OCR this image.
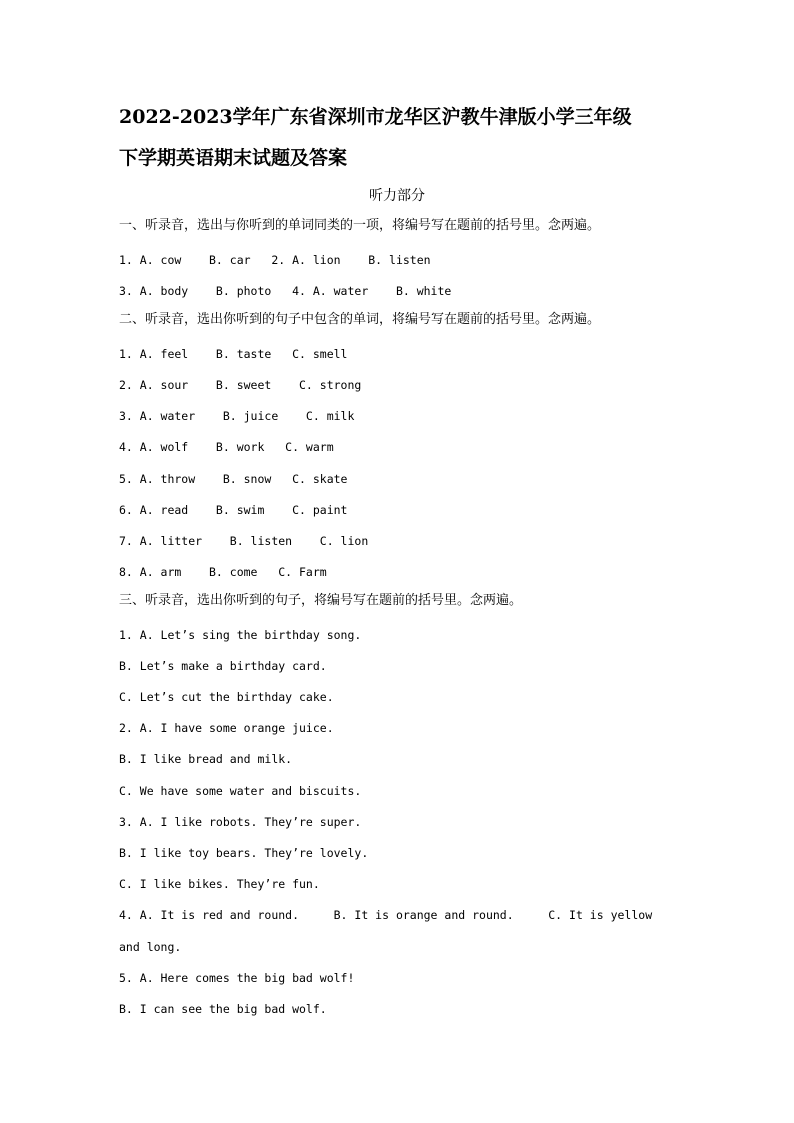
2022-2023学年广东省深圳市龙华区沪教牛津版小学三年级
下学期英语期末试题及答案
听力部分
一、听录音，选出与你听到的单词同类的一项，将编号写在题前的括号里。念两遍。
1. A. cow    B. car   2. A. lion    B. listen
3. A. body    B. photo   4. A. water    B. white
二、听录音，选出你听到的句子中包含的单词，将编号写在题前的括号里。念两遍。
1. A. feel    B. taste   C. smell
2. A. sour    B. sweet    C. strong
3. A. water    B. juice    C. milk
4. A. wolf    B. work   C. warm
5. A. throw    B. snow   C. skate
6. A. read    B. swim    C. paint
7. A. litter    B. listen    C. lion
8. A. arm    B. come   C. Farm
三、听录音，选出你听到的句子，将编号写在题前的括号里。念两遍。
1. A. Let’s sing the birthday song.
B. Let’s make a birthday card.
C. Let’s cut the birthday cake.
2. A. I have some orange juice.
B. I like bread and milk.
C. We have some water and biscuits.
3. A. I like robots. They’re super.
B. I like toy bears. They’re lovely.
C. I like bikes. They’re fun.
4. A. It is red and round.     B. It is orange and round.     C. It is yellow
and long.
5. A. Here comes the big bad wolf!
B. I can see the big bad wolf.
